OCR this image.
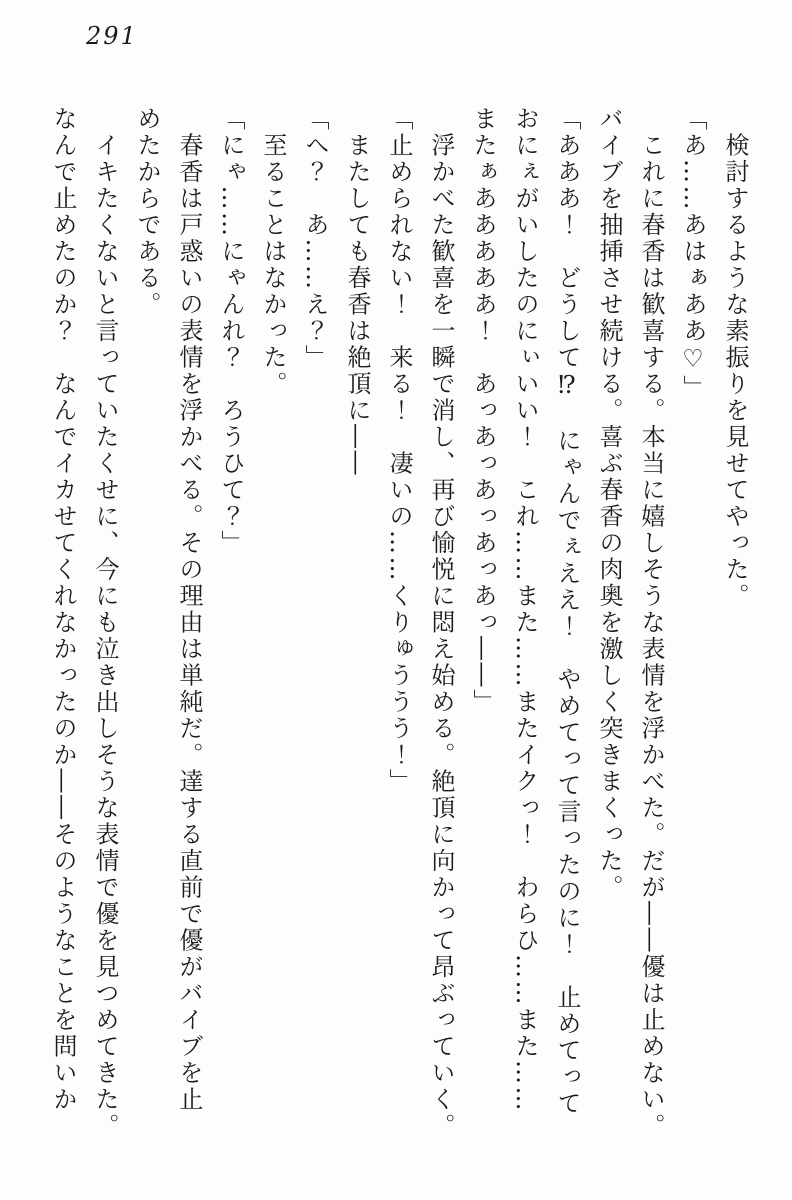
291

　検討するような素振りを見せてやった。

「あ……あはぁああ♡」

　これに春香は歓喜する。本当に嬉しそうな表情を浮かべた。だが――優は止めない。

バイブを抽挿させ続ける。喜ぶ春香の肉奥を激しく突きまくった。

「あああ！　どうして⁉　にゃんでぇええ！　やめてって言ったのに！　止めてって

おにぇがいしたのにぃいい！　これ……また……またイクっ！　わらひ……また……

またぁあああああ！　あっあっあっあっあっ――」

　浮かべた歓喜を一瞬で消し、再び愉悦に悶え始める。絶頂に向かって昂ぶっていく。

「止められない！　来る！　凄いの……くりゅううう！」

　またしても春香は絶頂に――

「へ？　あ……え？」

　至ることはなかった。

「にゃ……にゃんれ？　ろうひて？」

　春香は戸惑いの表情を浮かべる。その理由は単純だ。達する直前で優がバイブを止

めたからである。

　イキたくないと言っていたくせに、今にも泣き出しそうな表情で優を見つめてきた。

なんで止めたのか？　なんでイカせてくれなかったのか――そのようなことを問いか
